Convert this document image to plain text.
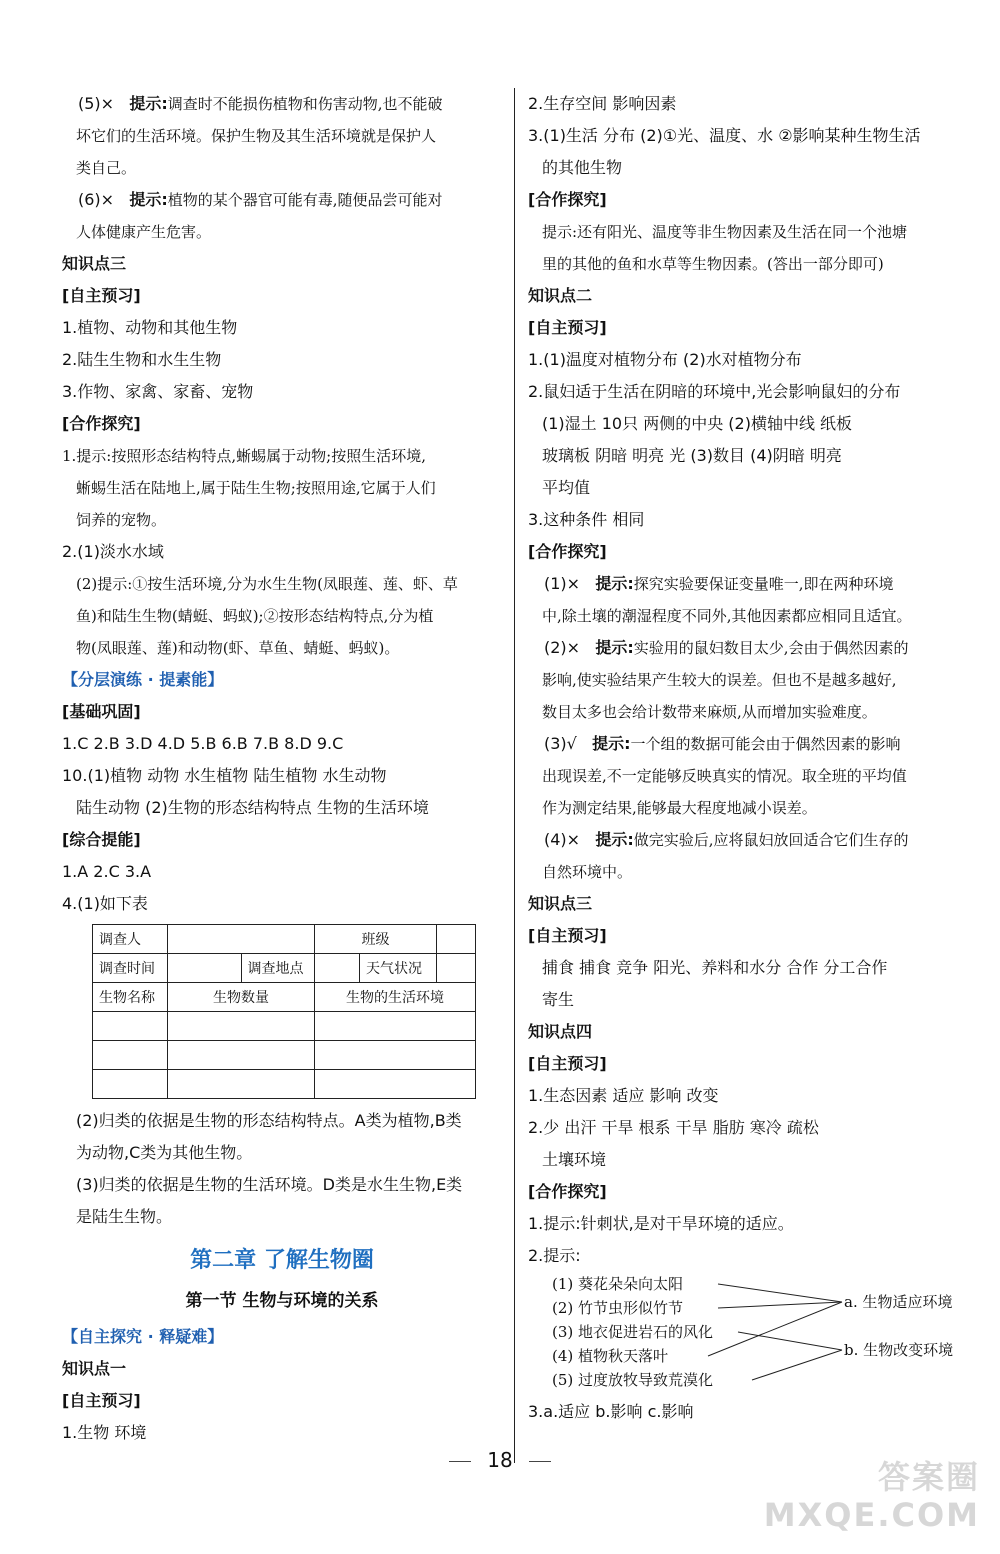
(5)× 提示:调查时不能损伤植物和伤害动物,也不能破
坏它们的生活环境。保护生物及其生活环境就是保护人
类自己。
(6)× 提示:植物的某个器官可能有毒,随便品尝可能对
人体健康产生危害。
知识点三
[自主预习]
1.植物、动物和其他生物
2.陆生生物和水生生物
3.作物、家禽、家畜、宠物
[合作探究]
1.提示:按照形态结构特点,蜥蜴属于动物;按照生活环境,
蜥蜴生活在陆地上,属于陆生生物;按照用途,它属于人们
饲养的宠物。
2.(1)淡水水域
(2)提示:①按生活环境,分为水生生物(凤眼莲、莲、虾、草
鱼)和陆生生物(蜻蜓、蚂蚁);②按形态结构特点,分为植
物(凤眼莲、莲)和动物(虾、草鱼、蜻蜓、蚂蚁)。
【分层演练 · 提素能】
[基础巩固]
1.C 2.B 3.D 4.D 5.B 6.B 7.B 8.D 9.C
10.(1)植物 动物 水生植物 陆生植物 水生动物
陆生动物 (2)生物的形态结构特点 生物的生活环境
[综合提能]
1.A 2.C 3.A
4.(1)如下表
调查人			班级		
调查时间		调查地点		天气状况	
生物名称	生物数量		生物的生活环境		

(2)归类的依据是生物的形态结构特点。A类为植物,B类
为动物,C类为其他生物。
(3)归类的依据是生物的生活环境。D类是水生生物,E类
是陆生生物。
第二章 了解生物圈
第一节 生物与环境的关系
【自主探究 · 释疑难】
知识点一
[自主预习]
1.生物 环境
2.生存空间 影响因素
3.(1)生活 分布 (2)①光、温度、水 ②影响某种生物生活
的其他生物
[合作探究]
提示:还有阳光、温度等非生物因素及生活在同一个池塘
里的其他的鱼和水草等生物因素。(答出一部分即可)
知识点二
[自主预习]
1.(1)温度对植物分布 (2)水对植物分布
2.鼠妇适于生活在阴暗的环境中,光会影响鼠妇的分布
(1)湿土 10只 两侧的中央 (2)横轴中线 纸板
玻璃板 阴暗 明亮 光 (3)数目 (4)阴暗 明亮
平均值
3.这种条件 相同
[合作探究]
(1)× 提示:探究实验要保证变量唯一,即在两种环境
中,除土壤的潮湿程度不同外,其他因素都应相同且适宜。
(2)× 提示:实验用的鼠妇数目太少,会由于偶然因素的
影响,使实验结果产生较大的误差。但也不是越多越好,
数目太多也会给计数带来麻烦,从而增加实验难度。
(3)√ 提示:一个组的数据可能会由于偶然因素的影响
出现误差,不一定能够反映真实的情况。取全班的平均值
作为测定结果,能够最大程度地减小误差。
(4)× 提示:做完实验后,应将鼠妇放回适合它们生存的
自然环境中。
知识点三
[自主预习]
捕食 捕食 竞争 阳光、养料和水分 合作 分工合作
寄生
知识点四
[自主预习]
1.生态因素 适应 影响 改变
2.少 出汗 干旱 根系 干旱 脂肪 寒冷 疏松
土壤环境
[合作探究]
1.提示:针刺状,是对干旱环境的适应。
2.提示:
(1) 葵花朵朵向太阳
(2) 竹节虫形似竹节
(3) 地衣促进岩石的风化
(4) 植物秋天落叶
(5) 过度放牧导致荒漠化
a. 生物适应环境
b. 生物改变环境
3.a.适应 b.影响 c.影响
18	答案圈
MXQE.COM
